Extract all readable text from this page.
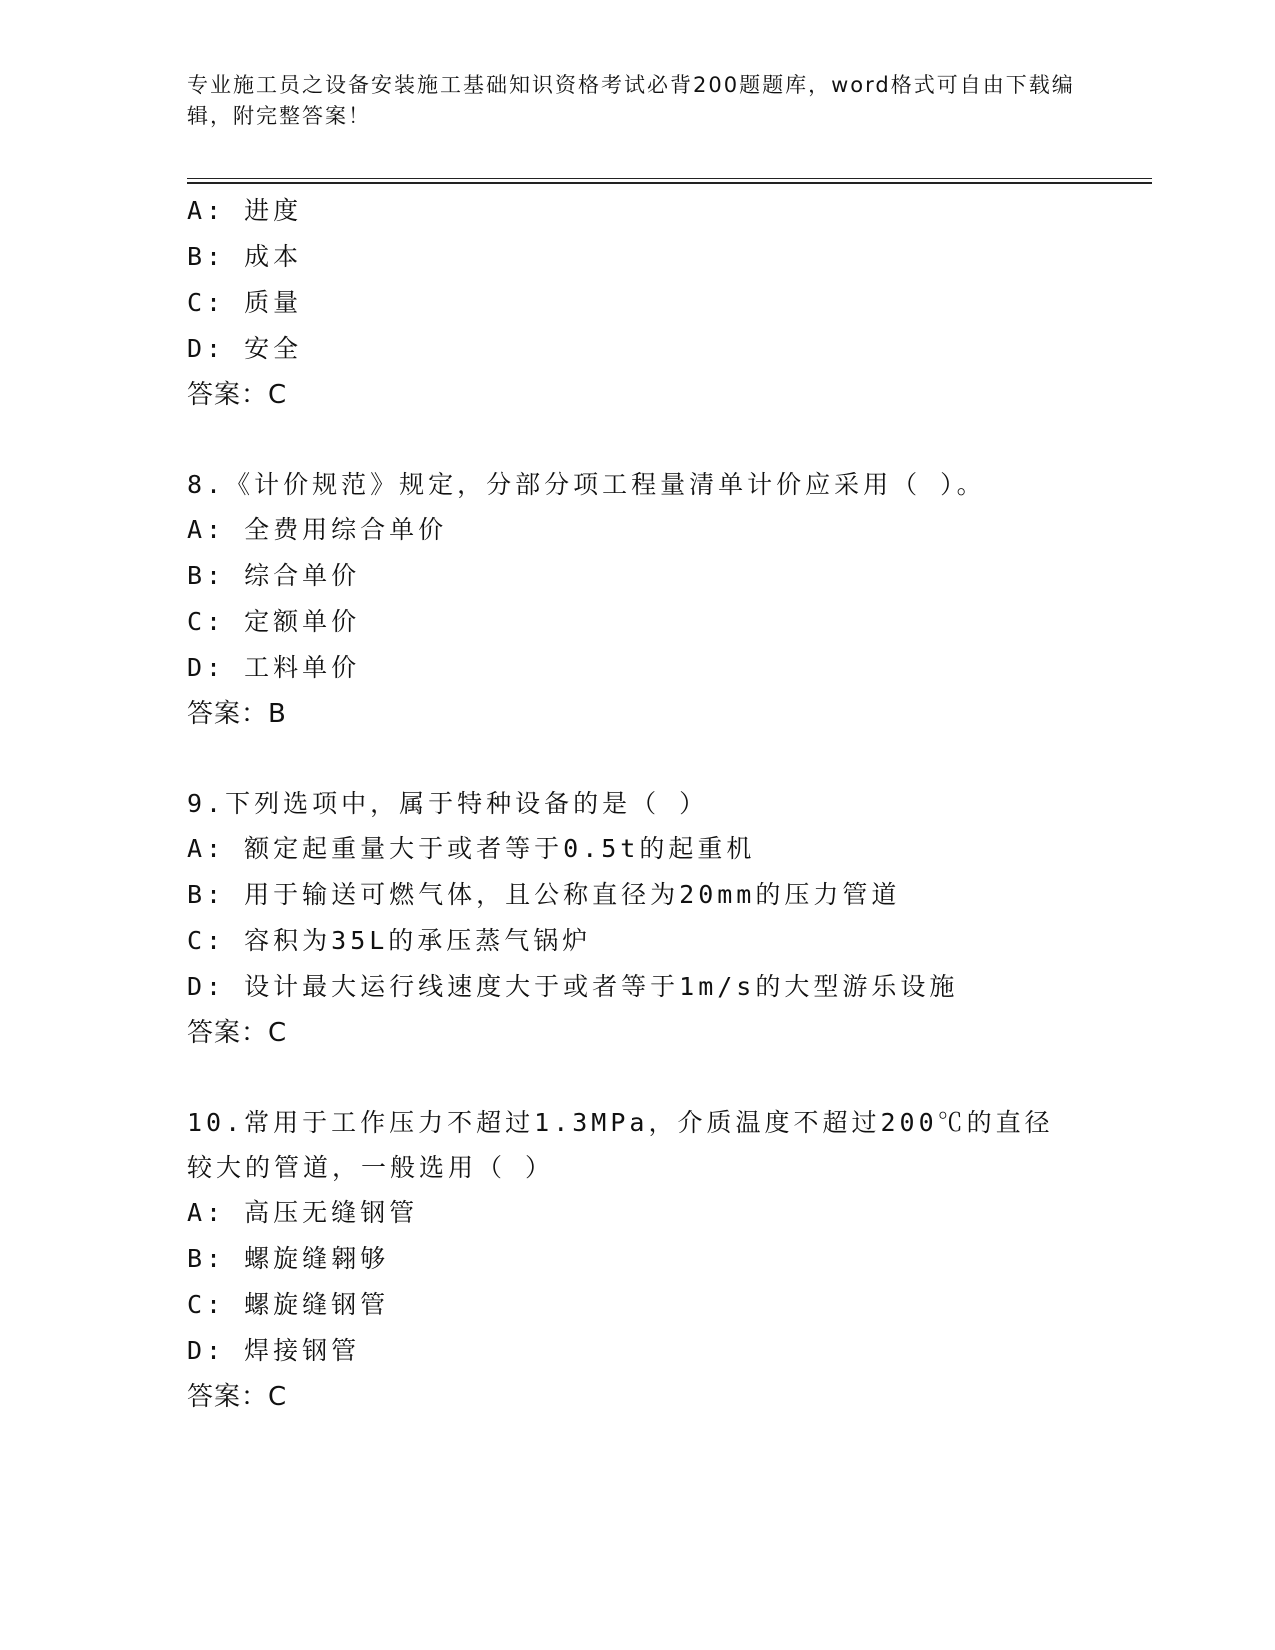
专业施工员之设备安装施工基础知识资格考试必背200题题库，word格式可自由下载编辑，附完整答案！
A: 进度
B: 成本
C: 质量
D: 安全
答案：C
8.《计价规范》规定，分部分项工程量清单计价应采用（ ）。
A: 全费用综合单价
B: 综合单价
C: 定额单价
D: 工料单价
答案：B
9.下列选项中，属于特种设备的是（ ）
A: 额定起重量大于或者等于0.5t的起重机
B: 用于输送可燃气体，且公称直径为20mm的压力管道
C: 容积为35L的承压蒸气锅炉
D: 设计最大运行线速度大于或者等于1m/s的大型游乐设施
答案：C
10.常用于工作压力不超过1.3MPa，介质温度不超过200℃的直径较大的管道，一般选用（ ）
A: 高压无缝钢管
B: 螺旋缝翱够
C: 螺旋缝钢管
D: 焊接钢管
答案：C
